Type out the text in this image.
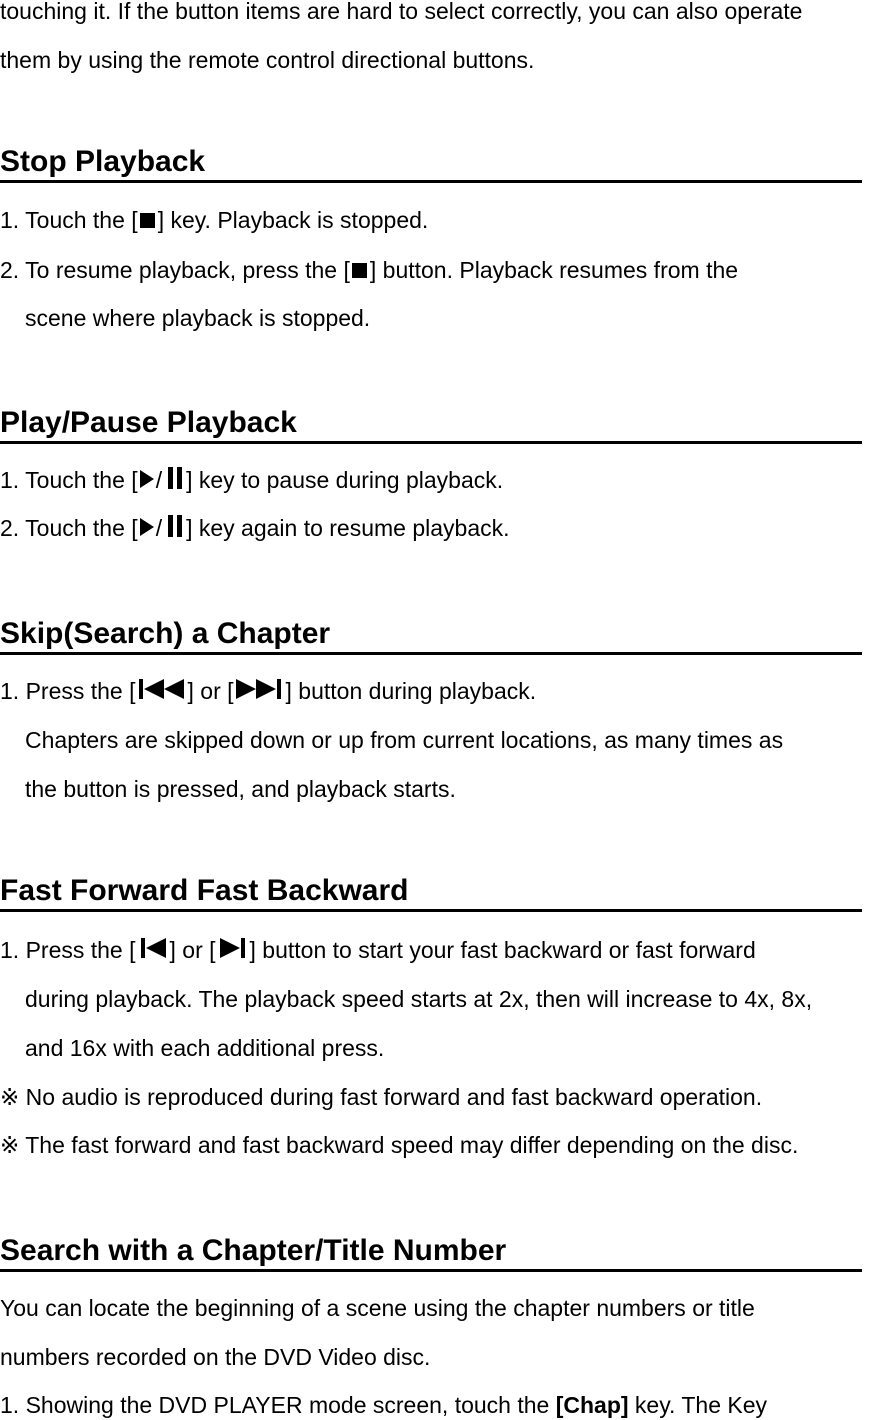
touching it. If the button items are hard to select correctly, you can also operate
them by using the remote control directional buttons.
Stop Playback
1. Touch the [ ] key. Playback is stopped.
2. To resume playback, press the [ ] button. Playback resumes from the
scene where playback is stopped.
Play/Pause Playback
1. Touch the [ / ] key to pause during playback.
2. Touch the [ / ] key again to resume playback.
Skip(Search) a Chapter
1. Press the [ ] or [ ] button during playback.
Chapters are skipped down or up from current locations, as many times as
the button is pressed, and playback starts.
Fast Forward Fast Backward
1. Press the [ ] or [ ] button to start your fast backward or fast forward
during playback. The playback speed starts at 2x, then will increase to 4x, 8x,
and 16x with each additional press.
※ No audio is reproduced during fast forward and fast backward operation.
※ The fast forward and fast backward speed may differ depending on the disc.
Search with a Chapter/Title Number
You can locate the beginning of a scene using the chapter numbers or title
numbers recorded on the DVD Video disc.
1. Showing the DVD PLAYER mode screen, touch the [Chap] key. The Key
